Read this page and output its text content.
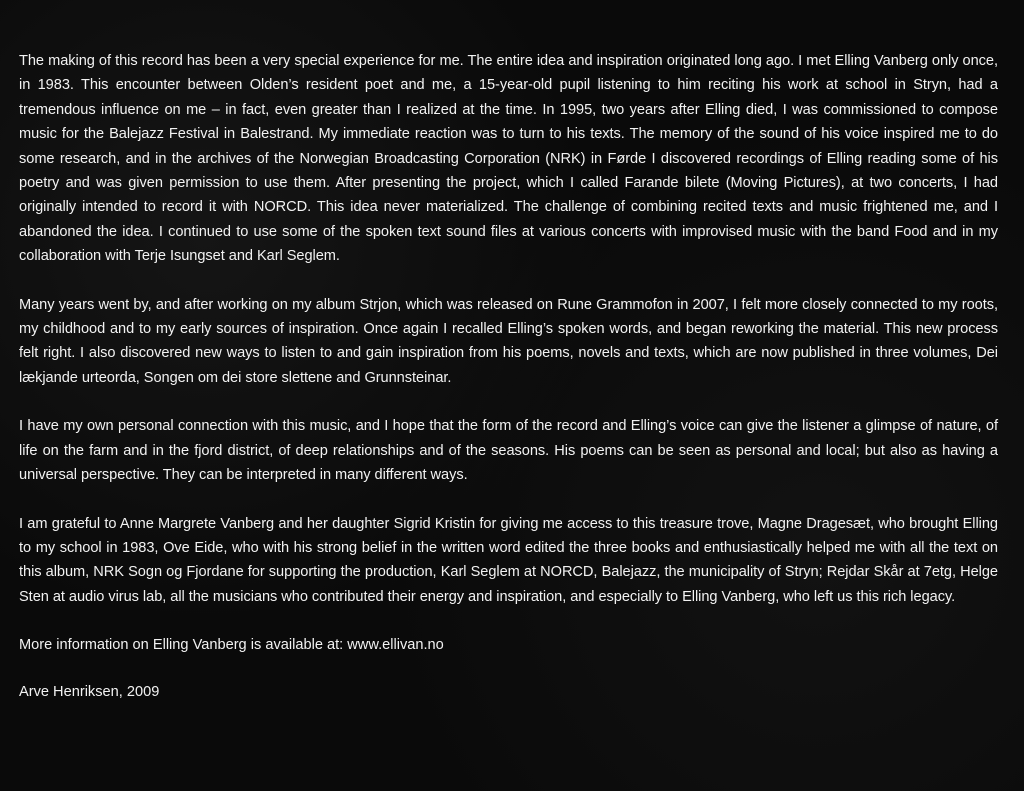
The making of this record has been a very special experience for me. The entire idea and inspiration originated long ago. I met Elling Vanberg only once, in 1983. This encounter between Olden’s resident poet and me, a 15-year-old pupil listening to him reciting his work at school in Stryn, had a tremendous influence on me – in fact, even greater than I realized at the time. In 1995, two years after Elling died, I was commissioned to compose music for the Balejazz Festival in Balestrand. My immediate reaction was to turn to his texts. The memory of the sound of his voice inspired me to do some research, and in the archives of the Norwegian Broadcasting Corporation (NRK) in Førde I discovered recordings of Elling reading some of his poetry and was given permission to use them. After presenting the project, which I called Farande bilete (Moving Pictures), at two concerts, I had originally intended to record it with NORCD. This idea never materialized. The challenge of combining recited texts and music frightened me, and I abandoned the idea. I continued to use some of the spoken text sound files at various concerts with improvised music with the band Food and in my collaboration with Terje Isungset and Karl Seglem.

Many years went by, and after working on my album Strjon, which was released on Rune Grammofon in 2007, I felt more closely connected to my roots, my childhood and to my early sources of inspiration. Once again I recalled Elling’s spoken words, and began reworking the material. This new process felt right. I also discovered new ways to listen to and gain inspiration from his poems, novels and texts, which are now published in three volumes, Dei lækjande urteorda, Songen om dei store slettene and Grunnsteinar.

I have my own personal connection with this music, and I hope that the form of the record and Elling’s voice can give the listener a glimpse of nature, of life on the farm and in the fjord district, of deep relationships and of the seasons. His poems can be seen as personal and local; but also as having a universal perspective. They can be interpreted in many different ways.

I am grateful to Anne Margrete Vanberg and her daughter Sigrid Kristin for giving me access to this treasure trove, Magne Dragesæt, who brought Elling to my school in 1983, Ove Eide, who with his strong belief in the written word edited the three books and enthusiastically helped me with all the text on this album, NRK Sogn og Fjordane for supporting the production, Karl Seglem at NORCD, Balejazz, the municipality of Stryn; Rejdar Skår at 7etg, Helge Sten at audio virus lab, all the musicians who contributed their energy and inspiration, and especially to Elling Vanberg, who left us this rich legacy.

More information on Elling Vanberg is available at: www.ellivan.no

Arve Henriksen, 2009
